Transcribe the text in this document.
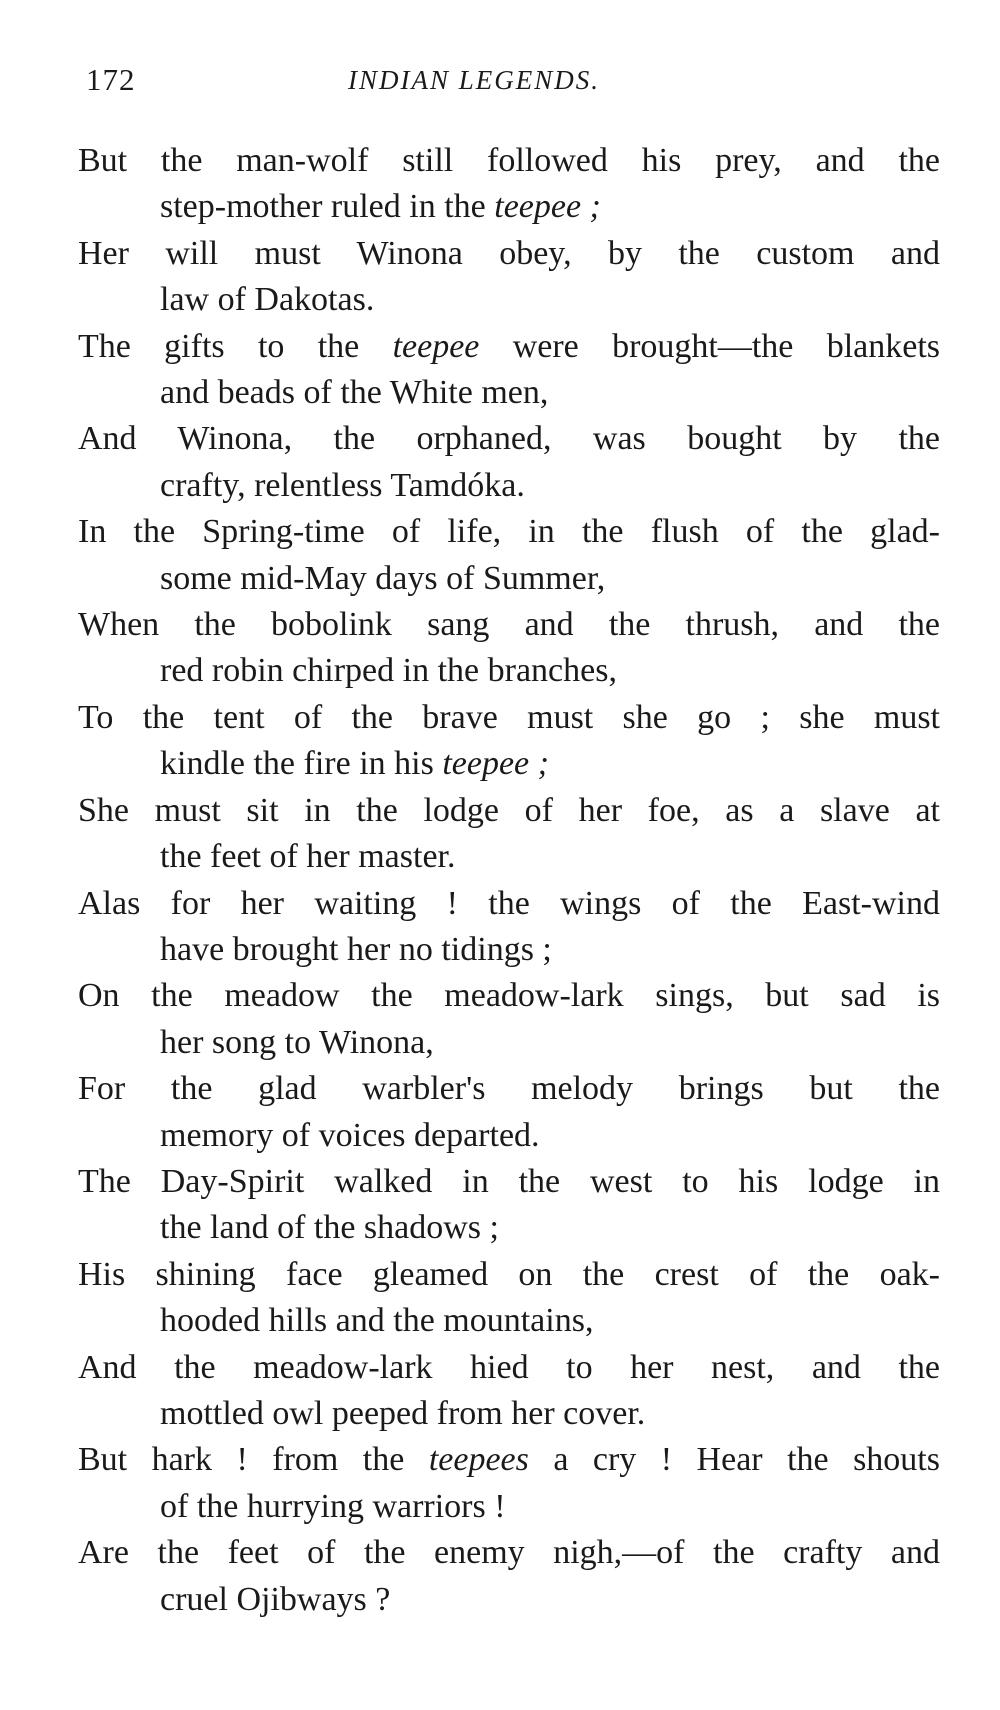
172	INDIAN LEGENDS.
But the man-wolf still followed his prey, and the
step-mother ruled in the teepee ;
Her will must Winona obey, by the custom and
law of Dakotas.
The gifts to the teepee were brought—the blankets
and beads of the White men,
And Winona, the orphaned, was bought by the
crafty, relentless Tamdóka.
In the Spring-time of life, in the flush of the glad-
some mid-May days of Summer,
When the bobolink sang and the thrush, and the
red robin chirped in the branches,
To the tent of the brave must she go ; she must
kindle the fire in his teepee ;
She must sit in the lodge of her foe, as a slave at
the feet of her master.
Alas for her waiting ! the wings of the East-wind
have brought her no tidings ;
On the meadow the meadow-lark sings, but sad is
her song to Winona,
For the glad warbler's melody brings but the
memory of voices departed.
The Day-Spirit walked in the west to his lodge in
the land of the shadows ;
His shining face gleamed on the crest of the oak-
hooded hills and the mountains,
And the meadow-lark hied to her nest, and the
mottled owl peeped from her cover.
But hark ! from the teepees a cry ! Hear the shouts
of the hurrying warriors !
Are the feet of the enemy nigh,—of the crafty and
cruel Ojibways ?
